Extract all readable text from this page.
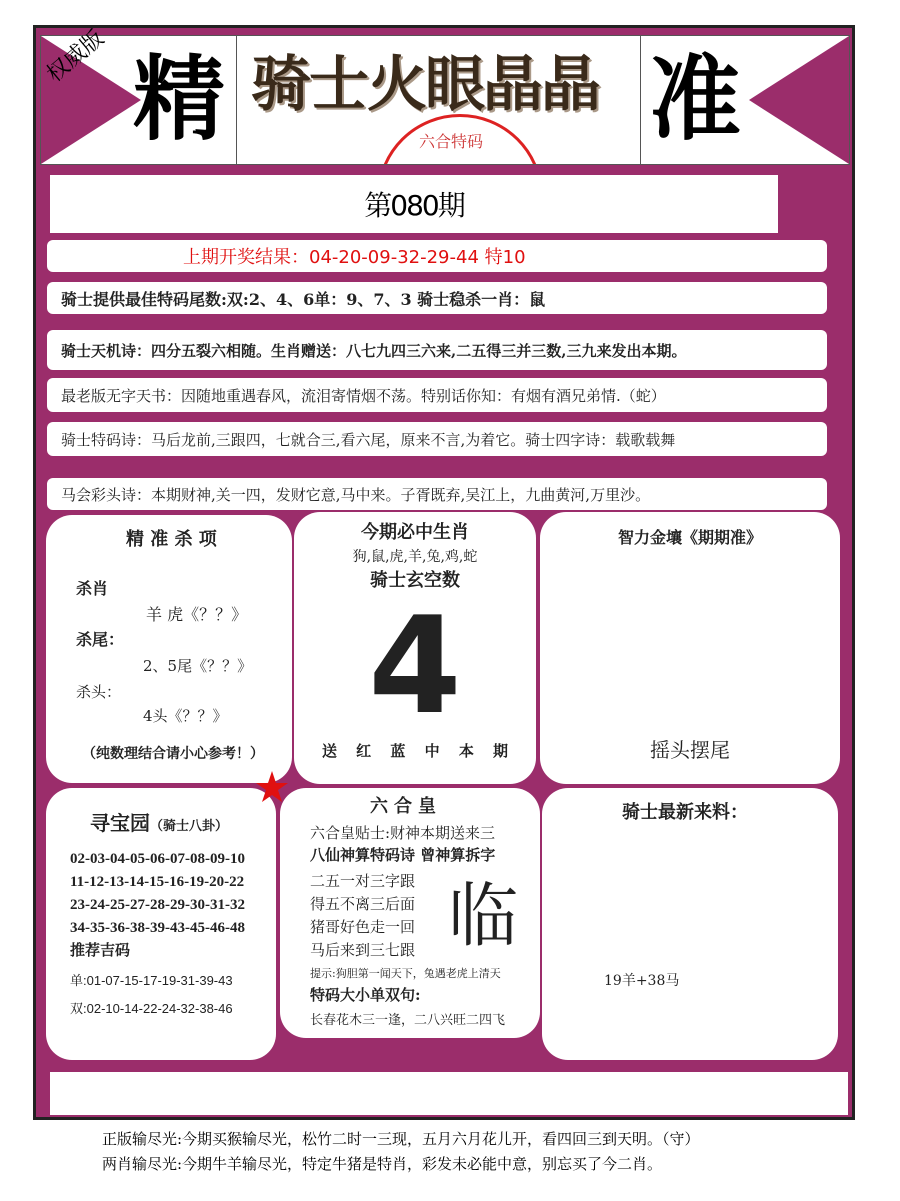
权威版 精	六合特码
骑士火眼晶晶 准
第080期
上期开奖结果：04-20-09-32-29-44 特10
骑士提供最佳特码尾数:双:2、4、6单：9、7、3 骑士稳杀一肖：鼠
骑士天机诗：四分五裂六相随。生肖赠送：八七九四三六来,二五得三并三数,三九来发出本期。
最老版无字天书：因随地重遇春风，流泪寄情烟不荡。特别话你知：有烟有酒兄弟情.（蛇）
骑士特码诗：马后龙前,三跟四，七就合三,看六尾，原来不言,为着它。骑士四字诗：载歌载舞
马会彩头诗：本期财神,关一四，发财它意,马中来。子胥既弃,吴江上，九曲黄河,万里沙。
精 准 杀 项
杀肖
羊 虎《？？》
杀尾：
2、5尾《？？》
杀头：
4头《？？》
（纯数理结合请小心参考！）
今期必中生肖
狗,鼠,虎,羊,兔,鸡,蛇
骑士玄空数
4
送 红 蓝 中 本 期
智力金壤《期期准》
摇头摆尾
寻宝园（骑士八卦）
02-03-04-05-06-07-08-09-10
11-12-13-14-15-16-19-20-22
23-24-25-27-28-29-30-31-32
34-35-36-38-39-43-45-46-48
推荐吉码
单:01-07-15-17-19-31-39-43
双:02-10-14-22-24-32-38-46
六合皇
六合皇贴士:财神本期送来三
八仙神算特码诗 曾神算拆字
二五一对三字跟
得五不离三后面
猪哥好色走一回
马后来到三七跟 临
提示:狗胆第一闻天下，兔遇老虎上清天
特码大小单双句:
长春花木三一逢，二八兴旺二四飞
骑士最新来料：
19羊+38马
正版输尽光:今期买猴输尽光，松竹二时一三现，五月六月花儿开，看四回三到天明。（守）
两肖输尽光:今期牛羊输尽光，特定牛猪是特肖，彩发未必能中意，别忘买了今二肖。
